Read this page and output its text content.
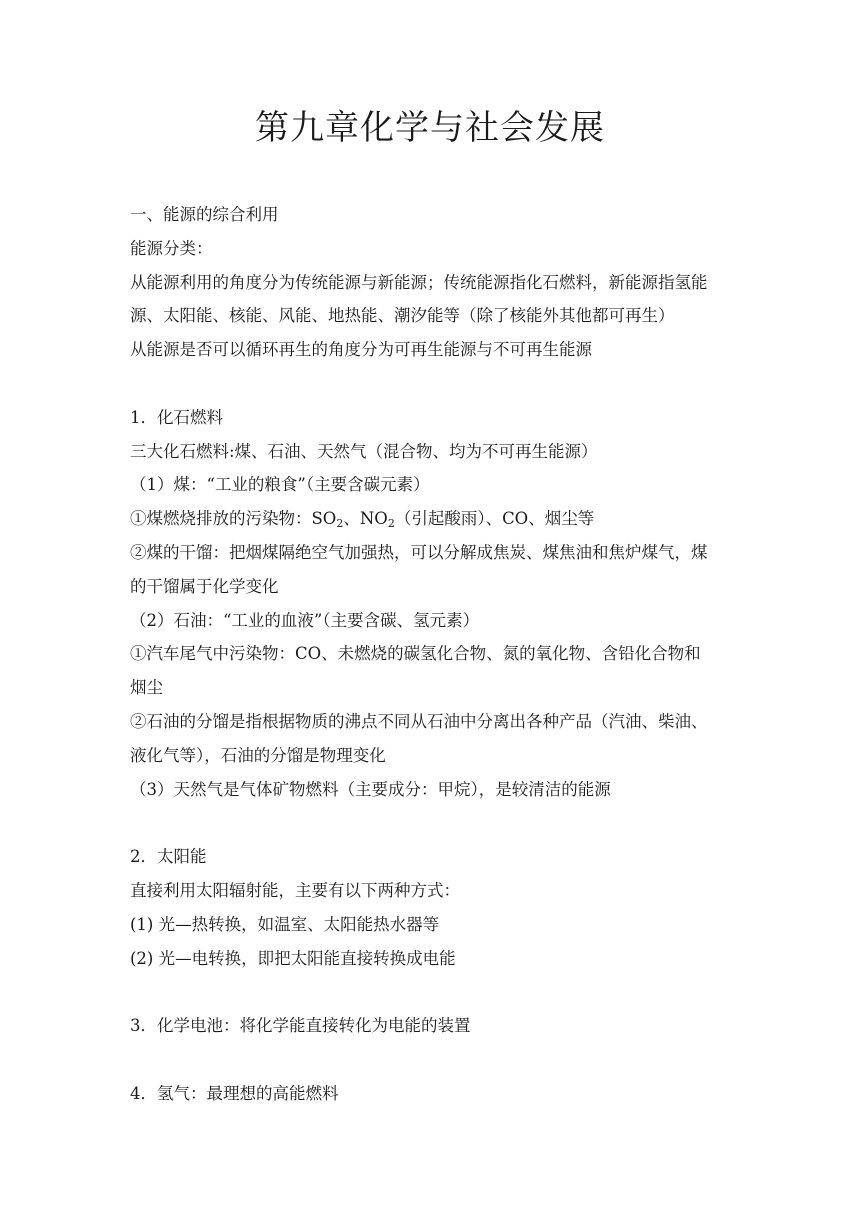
第九章化学与社会发展
一、能源的综合利用
能源分类：
从能源利用的角度分为传统能源与新能源；传统能源指化石燃料，新能源指氢能
源、太阳能、核能、风能、地热能、潮汐能等（除了核能外其他都可再生）
从能源是否可以循环再生的角度分为可再生能源与不可再生能源
1．化石燃料
三大化石燃料:煤、石油、天然气（混合物、均为不可再生能源）
（1）煤：“工业的粮食”（主要含碳元素）
①煤燃烧排放的污染物：$SO_2$、$NO_2$（引起酸雨）、CO、烟尘等
②煤的干馏：把烟煤隔绝空气加强热，可以分解成焦炭、煤焦油和焦炉煤气，煤
的干馏属于化学变化
（2）石油：“工业的血液”（主要含碳、氢元素）
①汽车尾气中污染物：CO、未燃烧的碳氢化合物、氮的氧化物、含铅化合物和
烟尘
②石油的分馏是指根据物质的沸点不同从石油中分离出各种产品（汽油、柴油、
液化气等），石油的分馏是物理变化
（3）天然气是气体矿物燃料（主要成分：甲烷），是较清洁的能源
2．太阳能
直接利用太阳辐射能，主要有以下两种方式：
(1) 光—热转换，如温室、太阳能热水器等
(2) 光—电转换，即把太阳能直接转换成电能
3．化学电池：将化学能直接转化为电能的装置
4．氢气：最理想的高能燃料
